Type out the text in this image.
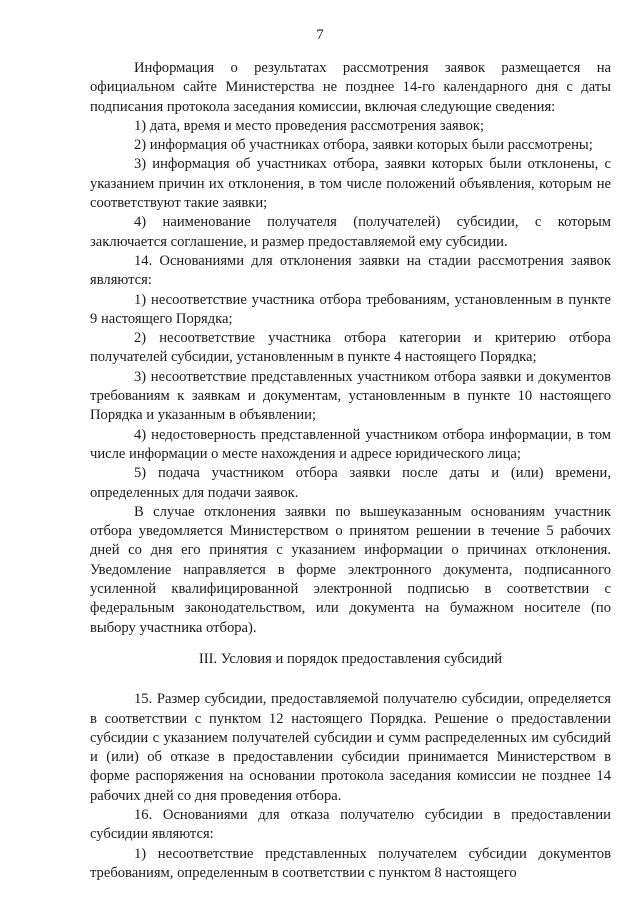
7

Информация о результатах рассмотрения заявок размещается на официальном сайте Министерства не позднее 14-го календарного дня с даты подписания протокола заседания комиссии, включая следующие сведения:

1) дата, время и место проведения рассмотрения заявок;

2) информация об участниках отбора, заявки которых были рассмотрены;

3) информация об участниках отбора, заявки которых были отклонены, с указанием причин их отклонения, в том числе положений объявления, которым не соответствуют такие заявки;

4) наименование получателя (получателей) субсидии, с которым заключается соглашение, и размер предоставляемой ему субсидии.

14. Основаниями для отклонения заявки на стадии рассмотрения заявок являются:

1) несоответствие участника отбора требованиям, установленным в пункте 9 настоящего Порядка;

2) несоответствие участника отбора категории и критерию отбора получателей субсидии, установленным в пункте 4 настоящего Порядка;

3) несоответствие представленных участником отбора заявки и документов требованиям к заявкам и документам, установленным в пункте 10 настоящего Порядка и указанным в объявлении;

4) недостоверность представленной участником отбора информации, в том числе информации о месте нахождения и адресе юридического лица;

5) подача участником отбора заявки после даты и (или) времени, определенных для подачи заявок.

В случае отклонения заявки по вышеуказанным основаниям участник отбора уведомляется Министерством о принятом решении в течение 5 рабочих дней со дня его принятия с указанием информации о причинах отклонения. Уведомление направляется в форме электронного документа, подписанного усиленной квалифицированной электронной подписью в соответствии с федеральным законодательством, или документа на бумажном носителе (по выбору участника отбора).

III. Условия и порядок предоставления субсидий

15. Размер субсидии, предоставляемой получателю субсидии, определяется в соответствии с пунктом 12 настоящего Порядка. Решение о предоставлении субсидии с указанием получателей субсидии и сумм распределенных им субсидий и (или) об отказе в предоставлении субсидии принимается Министерством в форме распоряжения на основании протокола заседания комиссии не позднее 14 рабочих дней со дня проведения отбора.

16. Основаниями для отказа получателю субсидии в предоставлении субсидии являются:

1) несоответствие представленных получателем субсидии документов требованиям, определенным в соответствии с пунктом 8 настоящего
